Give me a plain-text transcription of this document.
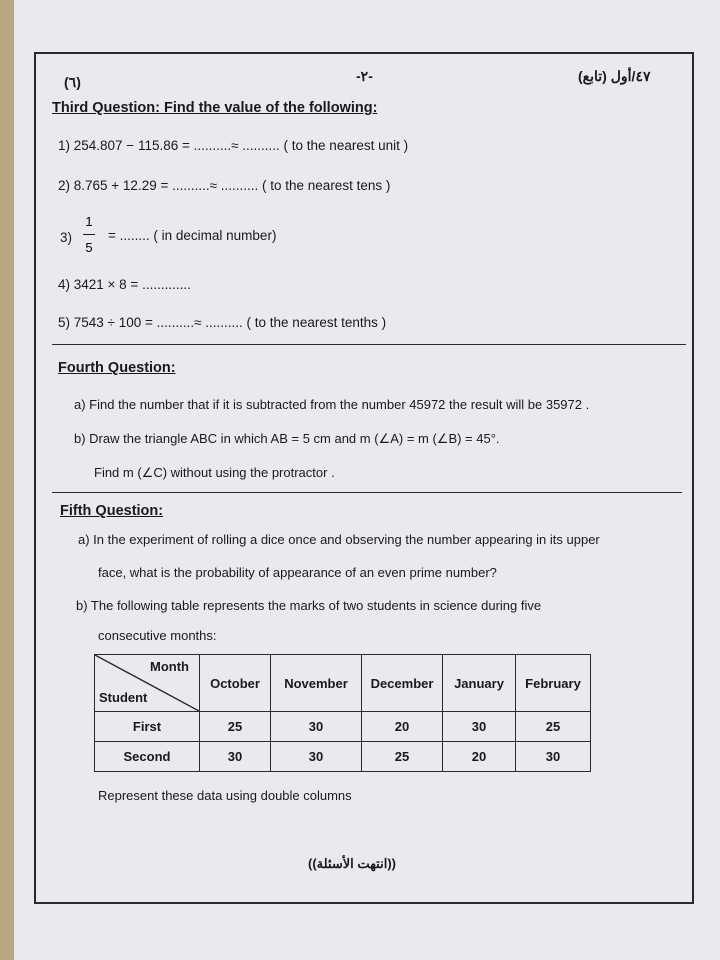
(٦)	-٢-	٤٧/أول (تابع)
Third Question: Find the value of the following:
1) 254.807 − 115.86 = ..........≈ .......... ( to the nearest unit )
2) 8.765 + 12.29 = ..........≈ .......... ( to the nearest tens )
3)
1
5
= ........ ( in decimal number)
4) 3421 × 8 = .............
5) 7543 ÷ 100 = ..........≈ .......... ( to the nearest tenths )
Fourth Question:
a) Find the number that if it is subtracted from the number 45972 the result will be 35972 .
b) Draw the triangle ABC in which AB = 5 cm and m (∠A) = m (∠B) = 45°.
Find m (∠C) without using the protractor .
Fifth Question:
a) In the experiment of rolling a dice once and observing the number appearing in its upper
face, what is the probability of appearance of an even prime number?
b) The following table represents the marks of two students in science during five
consecutive months:
Month
Student	October	November	December	January	February
First	25	30	20	30	25
Second	30	30	25	20	30
Represent these data using double columns
((انتهت الأسئلة))
